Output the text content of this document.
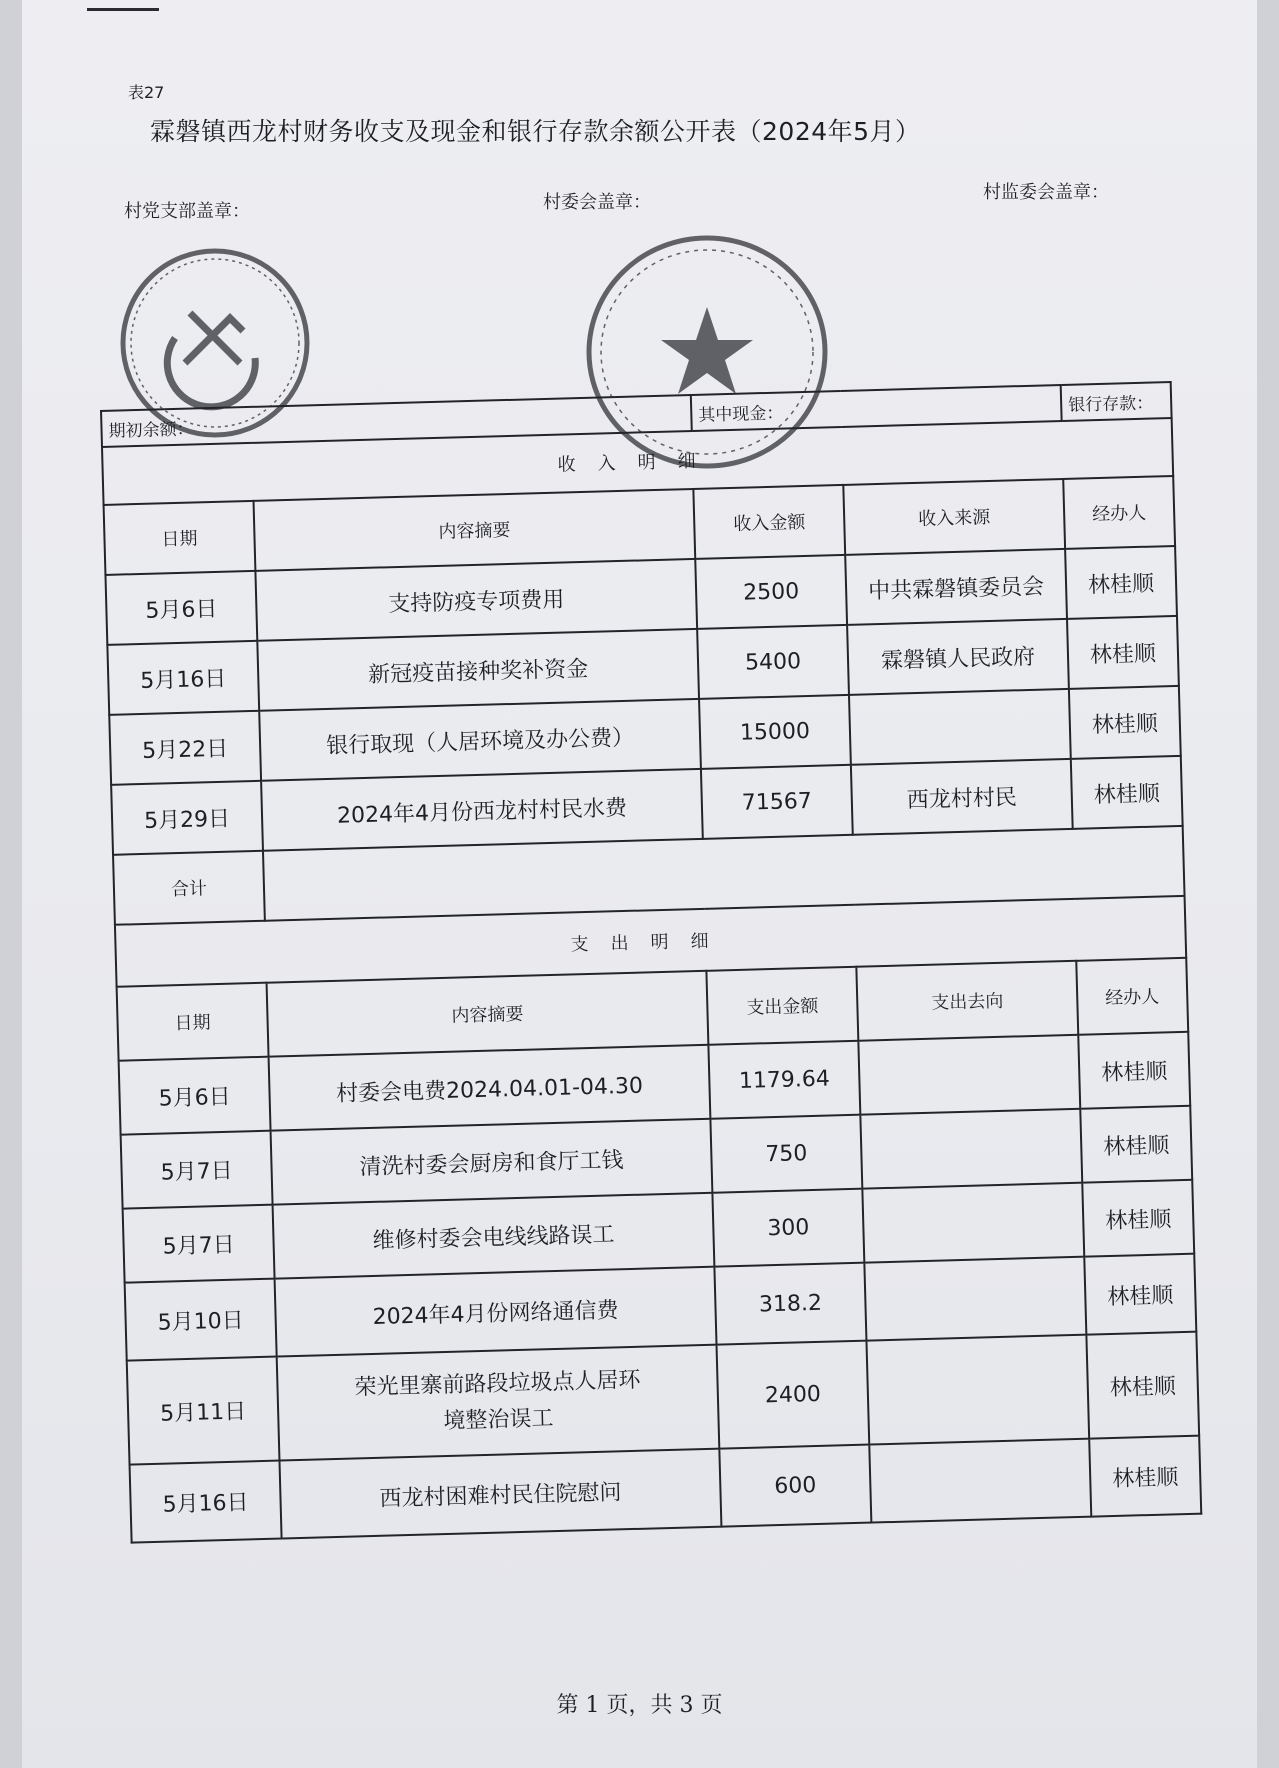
表27
霖磐镇西龙村财务收支及现金和银行存款余额公开表（2024年5月）
村党支部盖章：	村委会盖章：	村监委会盖章：
期初余额：		其中现金：		银行存款：
收入明细				
日期	内容摘要	收入金额	收入来源	经办人
5月6日	支持防疫专项费用	2500	中共霖磐镇委员会	林桂顺
5月16日	新冠疫苗接种奖补资金	5400	霖磐镇人民政府	林桂顺
5月22日	银行取现（人居环境及办公费）	15000		林桂顺
5月29日	2024年4月份西龙村村民水费	71567	西龙村村民	林桂顺
合计				
支出明细				
日期	内容摘要	支出金额	支出去向	经办人
5月6日	村委会电费2024.04.01-04.30	1179.64		林桂顺
5月7日	清洗村委会厨房和食厅工钱	750		林桂顺
5月7日	维修村委会电线线路误工	300		林桂顺
5月10日	2024年4月份网络通信费	318.2		林桂顺
5月11日	荣光里寨前路段垃圾点人居环境整治误工	2400		林桂顺
5月16日	西龙村困难村民住院慰问	600		林桂顺
第 1 页，共 3 页
